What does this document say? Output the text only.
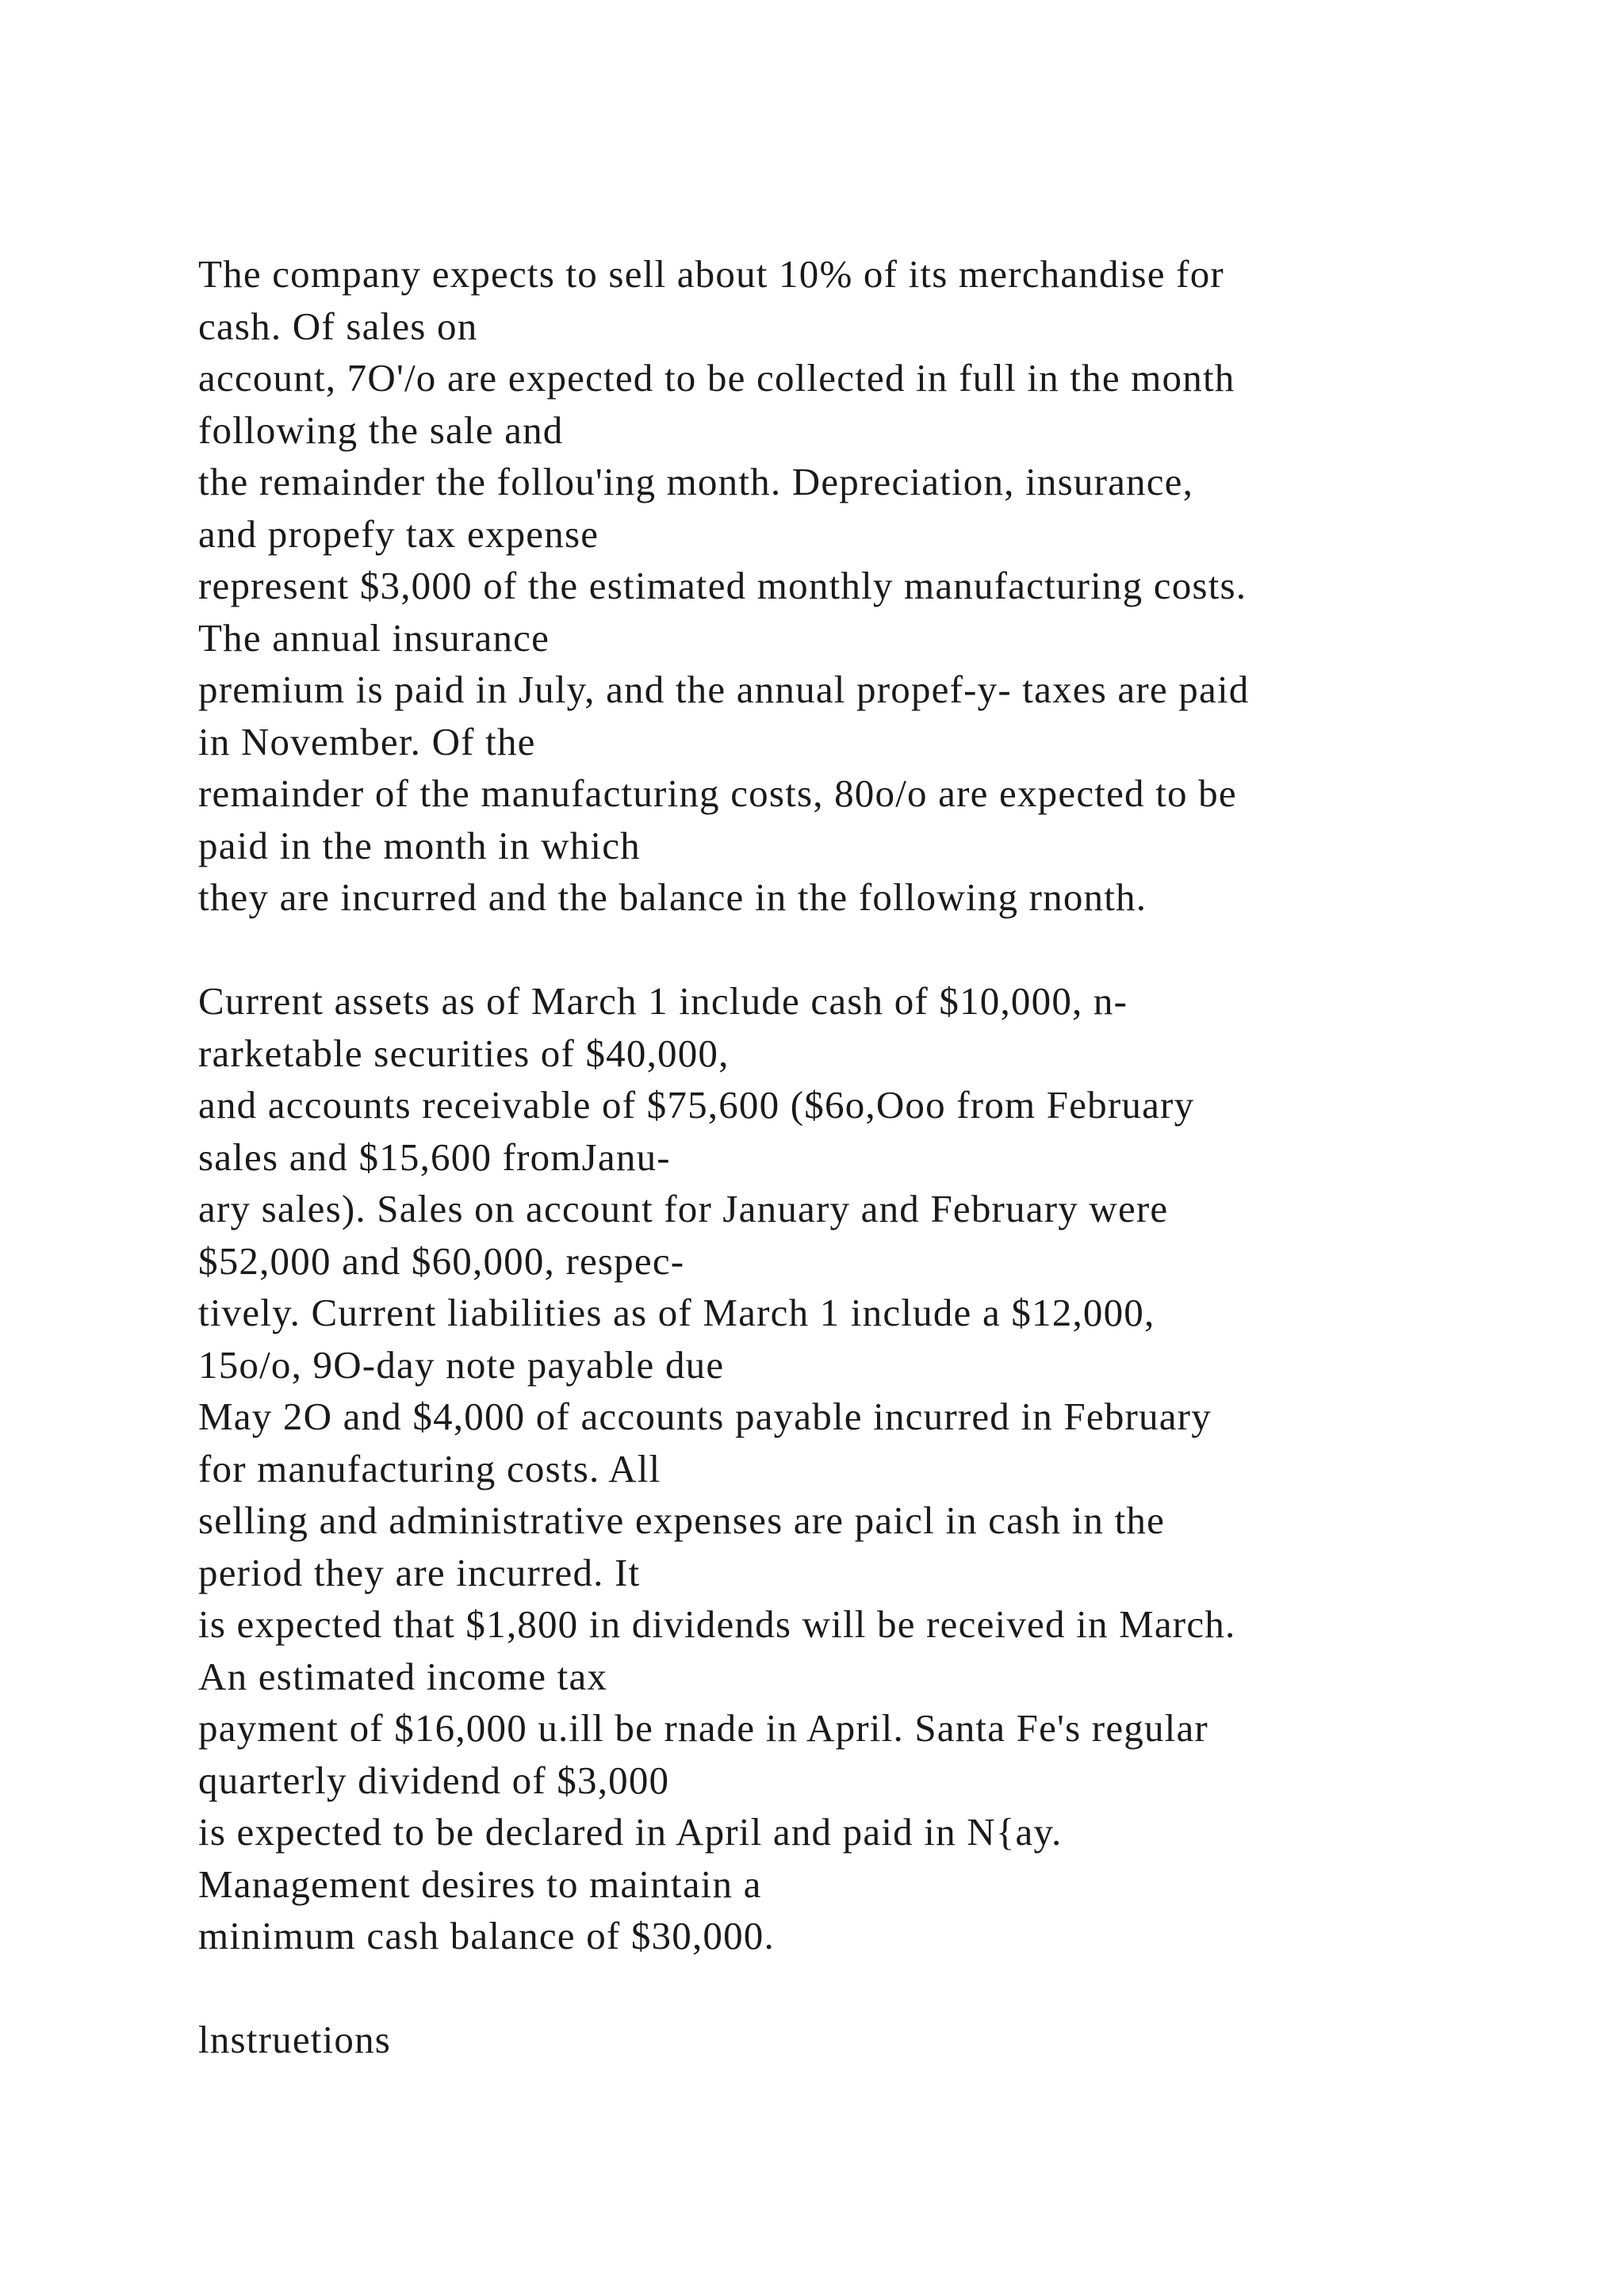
The company expects to sell about 10% of its merchandise for
cash. Of sales on
account, 7O'/o are expected to be collected in full in the month
following the sale and
the remainder the follou'ing month. Depreciation, insurance,
and propefy tax expense
represent $3,000 of the estimated monthly manufacturing costs.
The annual insurance
premium is paid in July, and the annual propef-y- taxes are paid
in November. Of the
remainder of the manufacturing costs, 80o/o are expected to be
paid in the month in which
they are incurred and the balance in the following rnonth.
Current assets as of March 1 include cash of $10,000, n-
rarketable securities of $40,000,
and accounts receivable of $75,600 ($6o,Ooo from February
sales and $15,600 fromJanu-
ary sales). Sales on account for January and February were
$52,000 and $60,000, respec-
tively. Current liabilities as of March 1 include a $12,000,
15o/o, 9O-day note payable due
May 2O and $4,000 of accounts payable incurred in February
for manufacturing costs. All
selling and administrative expenses are paicl in cash in the
period they are incurred. It
is expected that $1,800 in dividends will be received in March.
An estimated income tax
payment of $16,000 u.ill be rnade in April. Santa Fe's regular
quarterly dividend of $3,000
is expected to be declared in April and paid in N{ay.
Management desires to maintain a
minimum cash balance of $30,000.
lnstruetions
